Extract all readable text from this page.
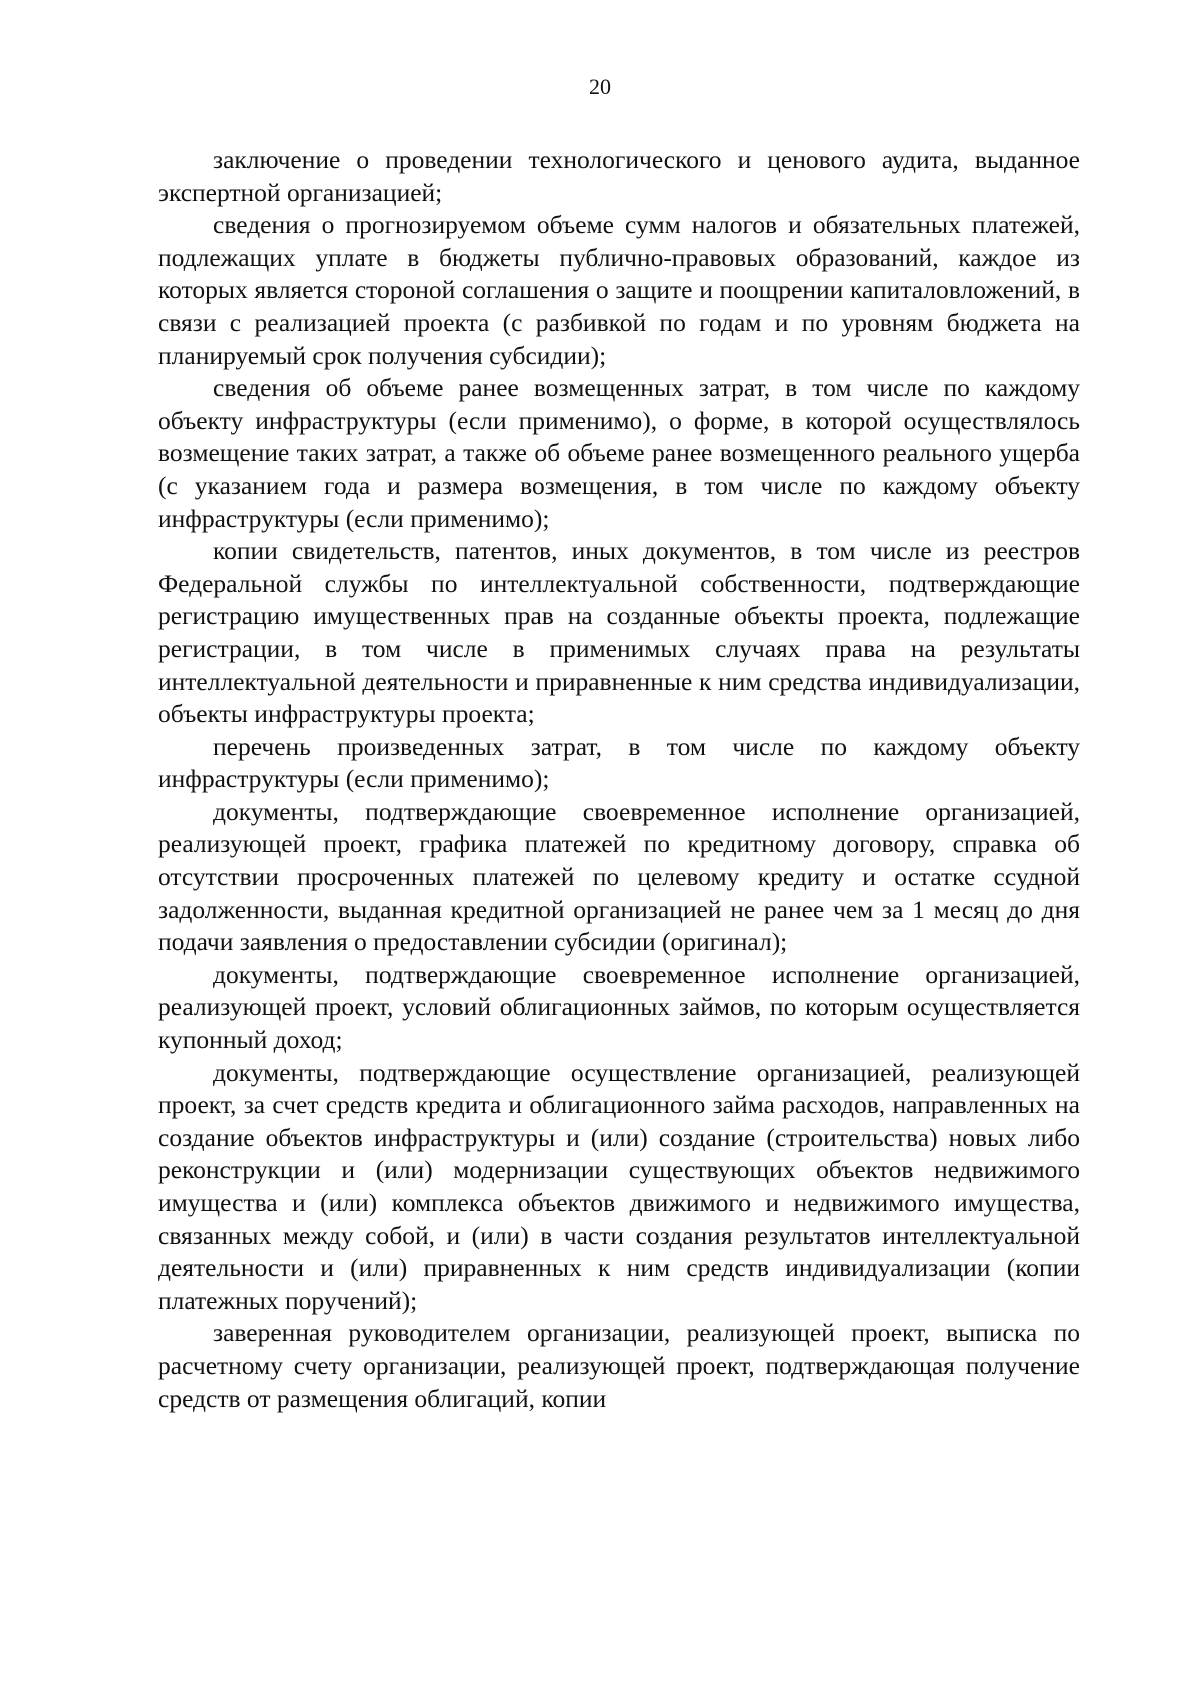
20

заключение о проведении технологического и ценового аудита, выданное экспертной организацией;

сведения о прогнозируемом объеме сумм налогов и обязательных платежей, подлежащих уплате в бюджеты публично-правовых образований, каждое из которых является стороной соглашения о защите и поощрении капиталовложений, в связи с реализацией проекта (с разбивкой по годам и по уровням бюджета на планируемый срок получения субсидии);

сведения об объеме ранее возмещенных затрат, в том числе по каждому объекту инфраструктуры (если применимо), о форме, в которой осуществлялось возмещение таких затрат, а также об объеме ранее возмещенного реального ущерба (с указанием года и размера возмещения, в том числе по каждому объекту инфраструктуры (если применимо);

копии свидетельств, патентов, иных документов, в том числе из реестров Федеральной службы по интеллектуальной собственности, подтверждающие регистрацию имущественных прав на созданные объекты проекта, подлежащие регистрации, в том числе в применимых случаях права на результаты интеллектуальной деятельности и приравненные к ним средства индивидуализации, объекты инфраструктуры проекта;

перечень произведенных затрат, в том числе по каждому объекту инфраструктуры (если применимо);

документы, подтверждающие своевременное исполнение организацией, реализующей проект, графика платежей по кредитному договору, справка об отсутствии просроченных платежей по целевому кредиту и остатке ссудной задолженности, выданная кредитной организацией не ранее чем за 1 месяц до дня подачи заявления о предоставлении субсидии (оригинал);

документы, подтверждающие своевременное исполнение организацией, реализующей проект, условий облигационных займов, по которым осуществляется купонный доход;

документы, подтверждающие осуществление организацией, реализующей проект, за счет средств кредита и облигационного займа расходов, направленных на создание объектов инфраструктуры и (или) создание (строительства) новых либо реконструкции и (или) модернизации существующих объектов недвижимого имущества и (или) комплекса объектов движимого и недвижимого имущества, связанных между собой, и (или) в части создания результатов интеллектуальной деятельности и (или) приравненных к ним средств индивидуализации (копии платежных поручений);

заверенная руководителем организации, реализующей проект, выписка по расчетному счету организации, реализующей проект, подтверждающая получение средств от размещения облигаций, копии
